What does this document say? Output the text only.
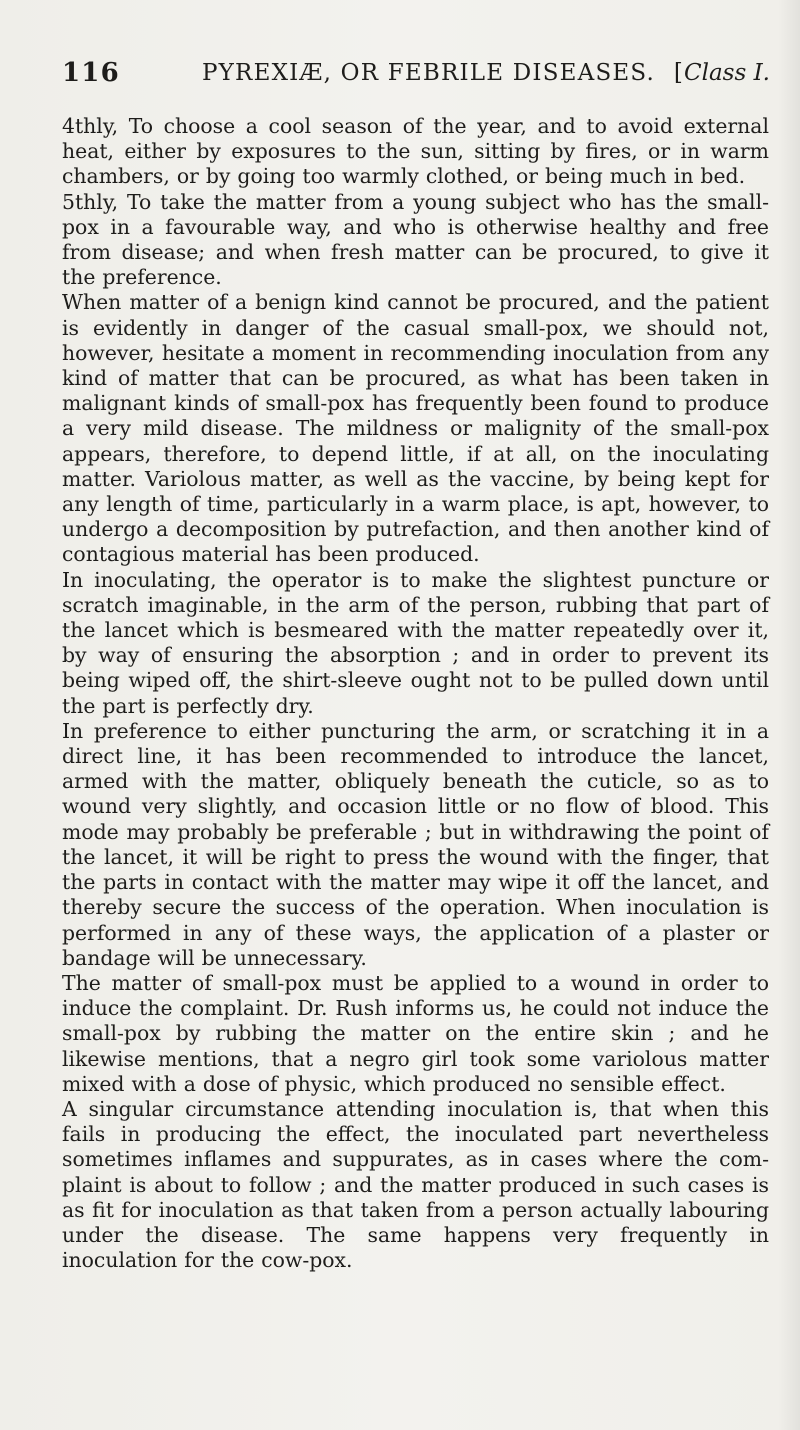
116	PYREXIÆ, OR FEBRILE DISEASES. [Class I.

4thly, To choose a cool season of the year, and to avoid external heat, either by exposures to the sun, sitting by fires, or in warm chambers, or by going too warmly clothed, or being much in bed.

5thly, To take the matter from a young subject who has the small-pox in a favourable way, and who is otherwise healthy and free from disease; and when fresh matter can be procured, to give it the preference.

When matter of a benign kind cannot be procured, and the patient is evidently in danger of the casual small-pox, we should not, however, hesitate a moment in recommending inoculation from any kind of matter that can be procured, as what has been taken in malignant kinds of small-pox has frequently been found to produce a very mild disease. The mildness or malignity of the small-pox appears, therefore, to depend little, if at all, on the inoculating matter. Variolous matter, as well as the vaccine, by being kept for any length of time, particularly in a warm place, is apt, however, to undergo a decomposition by putrefaction, and then another kind of contagious material has been produced.

In inoculating, the operator is to make the slightest puncture or scratch imaginable, in the arm of the person, rubbing that part of the lancet which is besmeared with the matter repeatedly over it, by way of ensuring the absorption ; and in order to prevent its being wiped off, the shirt-sleeve ought not to be pulled down until the part is perfectly dry.

In preference to either puncturing the arm, or scratching it in a direct line, it has been recommended to introduce the lancet, armed with the matter, obliquely beneath the cuticle, so as to wound very slightly, and occasion little or no flow of blood. This mode may probably be preferable ; but in withdrawing the point of the lancet, it will be right to press the wound with the finger, that the parts in contact with the matter may wipe it off the lancet, and thereby secure the success of the operation. When inoculation is performed in any of these ways, the application of a plaster or bandage will be unnecessary.

The matter of small-pox must be applied to a wound in order to induce the complaint. Dr. Rush informs us, he could not induce the small-pox by rubbing the matter on the entire skin ; and he likewise mentions, that a negro girl took some variolous matter mixed with a dose of physic, which produced no sensible effect.

A singular circumstance attending inoculation is, that when this fails in producing the effect, the inoculated part nevertheless sometimes inflames and suppurates, as in cases where the complaint is about to follow ; and the matter produced in such cases is as fit for inoculation as that taken from a person actually labouring under the disease. The same happens very frequently in inoculation for the cow-pox.
